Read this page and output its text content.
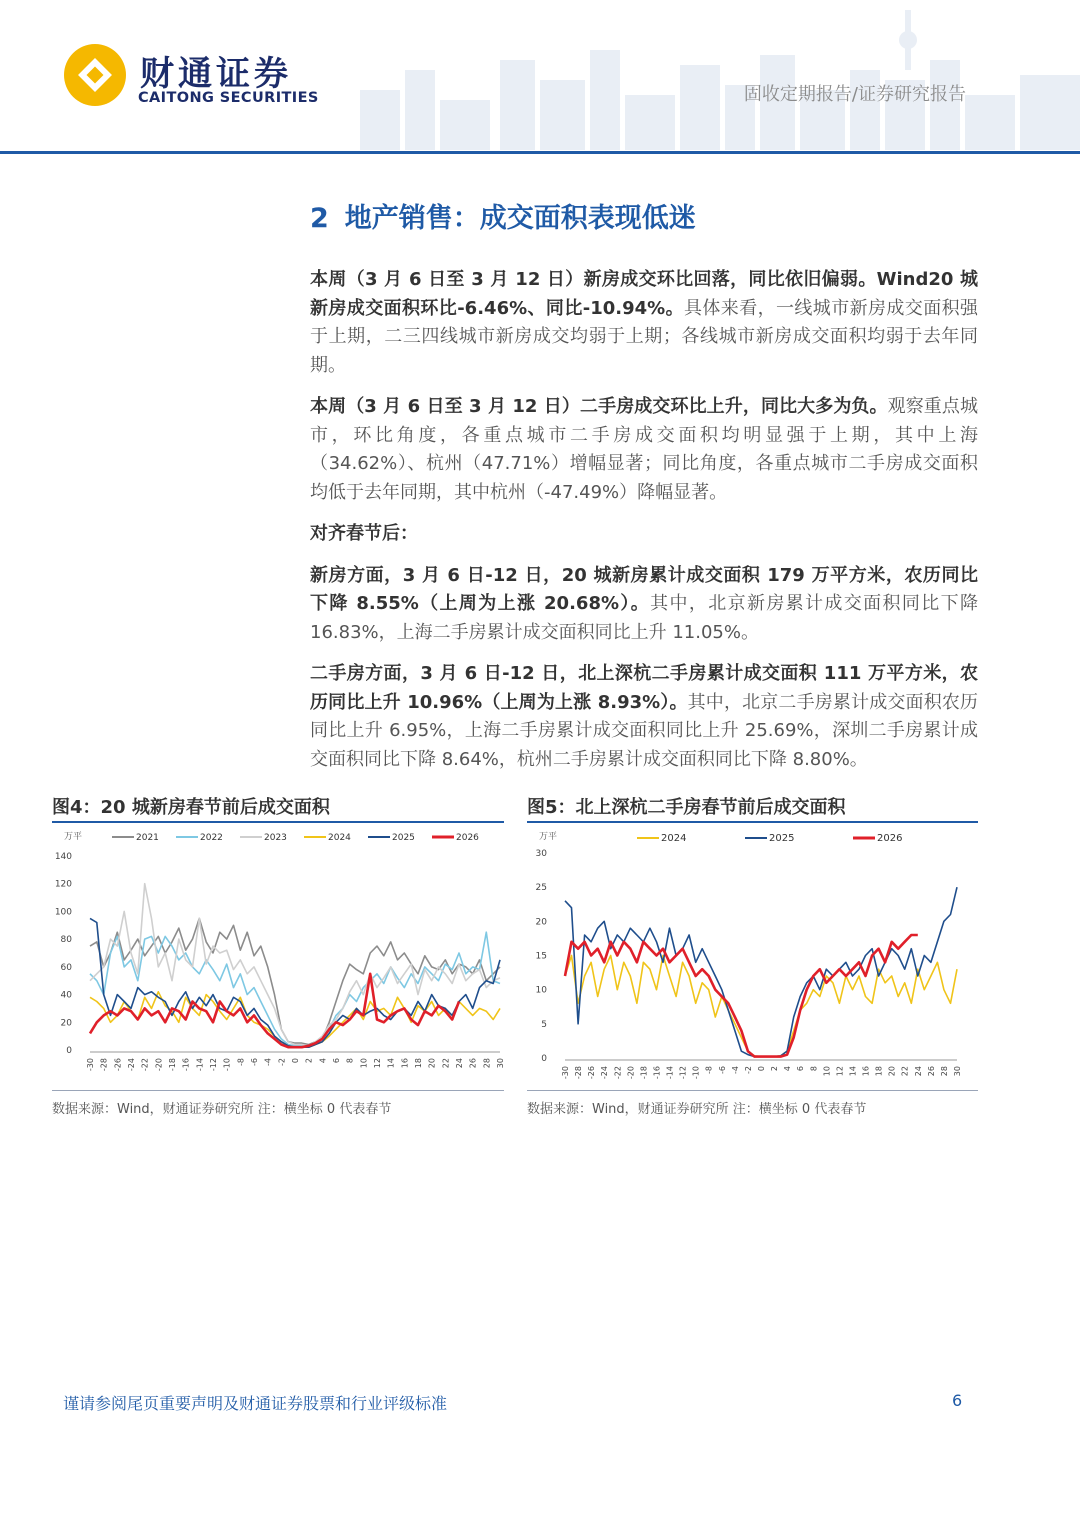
财通证券
CAITONG SECURITIES	固收定期报告/证券研究报告
2 地产销售：成交面积表现低迷

本周（3 月 6 日至 3 月 12 日）新房成交环比回落，同比依旧偏弱。Wind20 城新房成交面积环比-6.46%、同比-10.94%。具体来看，一线城市新房成交面积强于上期，二三四线城市新房成交均弱于上期；各线城市新房成交面积均弱于去年同期。

本周（3 月 6 日至 3 月 12 日）二手房成交环比上升，同比大多为负。观察重点城市，环比角度，各重点城市二手房成交面积均明显强于上期，其中上海（34.62%）、杭州（47.71%）增幅显著；同比角度，各重点城市二手房成交面积均低于去年同期，其中杭州（-47.49%）降幅显著。

对齐春节后：

新房方面，3 月 6 日-12 日，20 城新房累计成交面积 179 万平方米，农历同比下降 8.55%（上周为上涨 20.68%）。其中，北京新房累计成交面积同比下降 16.83%，上海二手房累计成交面积同比上升 11.05%。

二手房方面，3 月 6 日-12 日，北上深杭二手房累计成交面积 111 万平方米，农历同比上升 10.96%（上周为上涨 8.93%）。其中，北京二手房累计成交面积农历同比上升 6.95%，上海二手房累计成交面积同比上升 25.69%，深圳二手房累计成交面积同比下降 8.64%，杭州二手房累计成交面积同比下降 8.80%。

图4：20 城新房春节前后成交面积
万平
0
20
40
60
80
100
120
140
-30 -28 -26 -24 -22 -20 -18 -16 -14 -12 -10 -8 -6 -4 -2 0 2 4 6 8 10 12 14 16 18 20 22 24 26 28 30
2021	2022	2023	2024	2025	2026
数据来源：Wind，财通证券研究所 注：横坐标 0 代表春节
图5：北上深杭二手房春节前后成交面积
万平
0
5
10
15
20
25
30
-30 -28 -26 -24 -22 -20 -18 -16 -14 -12 -10 -8 -6 -4 -2 0 2 4 6 8 10 12 14 16 18 20 22 24 26 28 30
2024	2025	2026
数据来源：Wind，财通证券研究所 注：横坐标 0 代表春节
谨请参阅尾页重要声明及财通证券股票和行业评级标准	6
